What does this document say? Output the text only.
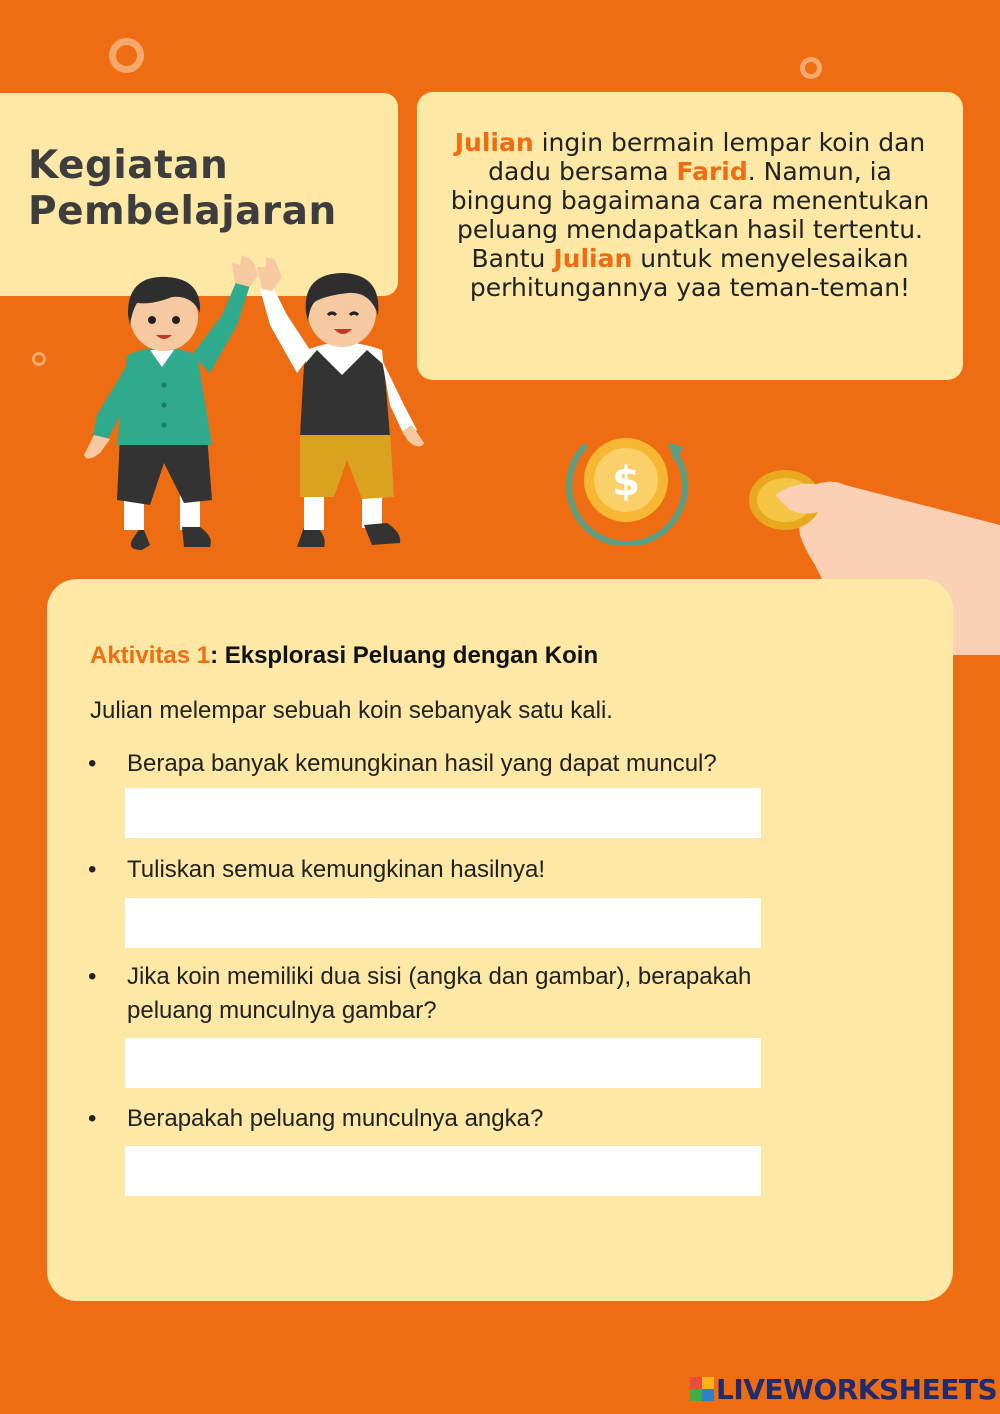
Kegiatan
Pembelajaran
Julian ingin bermain lempar koin dan dadu bersama Farid. Namun, ia bingung bagaimana cara menentukan peluang mendapatkan hasil tertentu. Bantu Julian untuk menyelesaikan perhitungannya yaa teman-teman!
$

Aktivitas 1: Eksplorasi Peluang dengan Koin

Julian melempar sebuah koin sebanyak satu kali.

• Berapa banyak kemungkinan hasil yang dapat muncul?

• Tuliskan semua kemungkinan hasilnya!

• Jika koin memiliki dua sisi (angka dan gambar), berapakah
peluang munculnya gambar?

• Berapakah peluang munculnya angka?

LIVEWORKSHEETS
